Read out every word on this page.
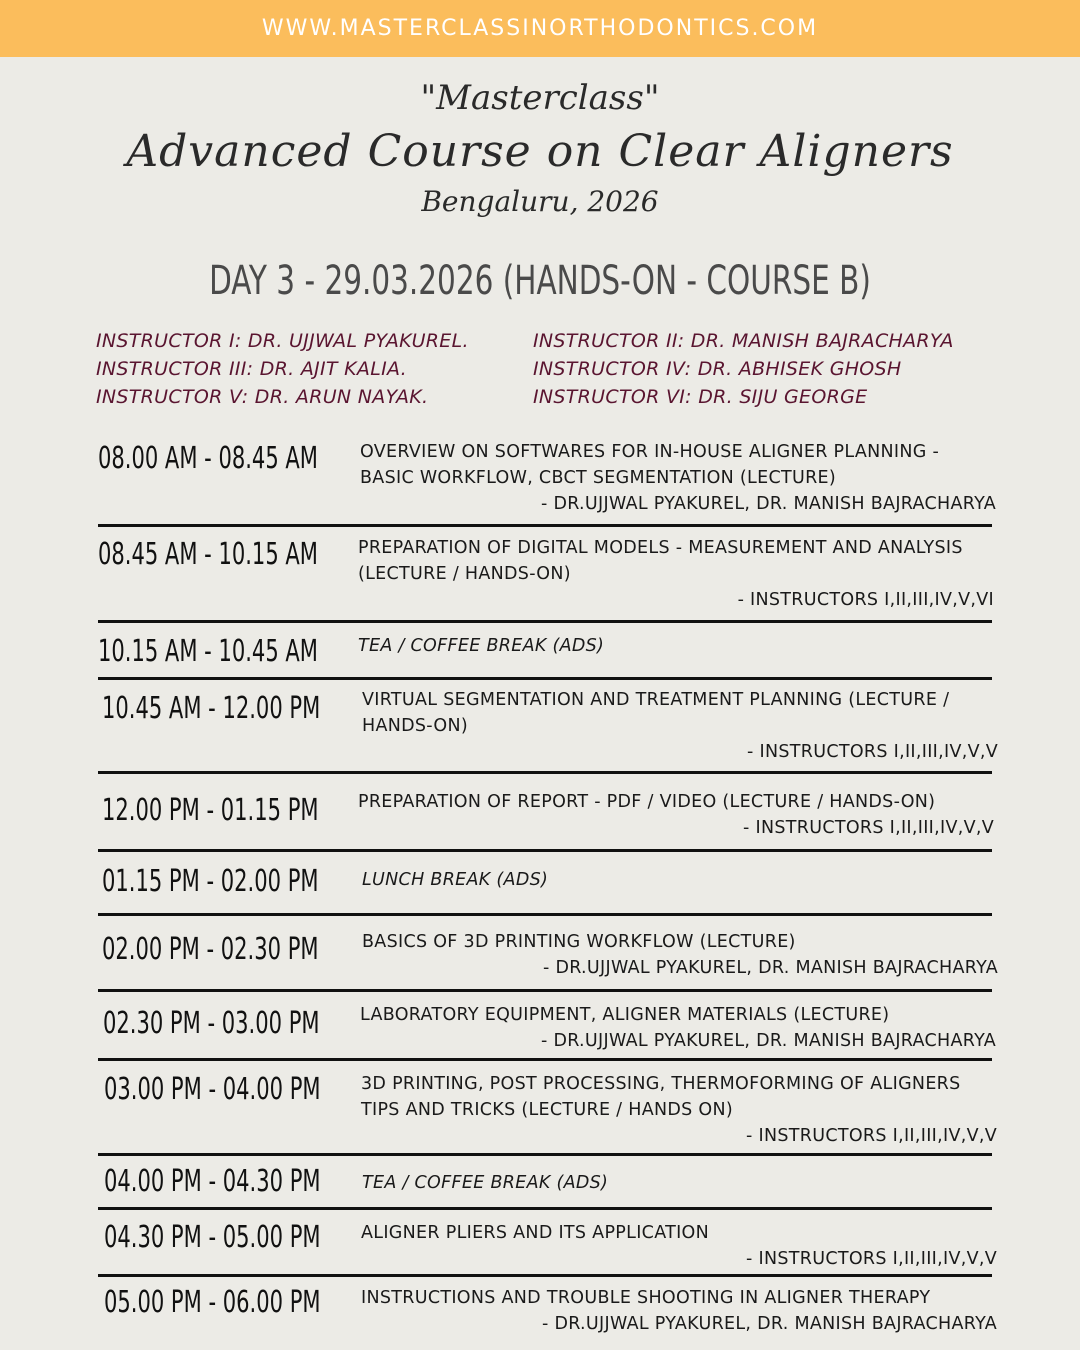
WWW.MASTERCLASSINORTHODONTICS.COM
"Masterclass"
Advanced Course on Clear Aligners
Bengaluru, 2026
DAY 3 - 29.03.2026 (HANDS-ON - COURSE B)
INSTRUCTOR I: DR. UJJWAL PYAKUREL.	INSTRUCTOR II: DR. MANISH BAJRACHARYA
INSTRUCTOR III: DR. AJIT KALIA.	INSTRUCTOR IV: DR. ABHISEK GHOSH
INSTRUCTOR V: DR. ARUN NAYAK.	INSTRUCTOR VI: DR. SIJU GEORGE
08.00 AM - 08.45 AM OVERVIEW ON SOFTWARES FOR IN-HOUSE ALIGNER PLANNING -
BASIC WORKFLOW, CBCT SEGMENTATION (LECTURE)
- DR.UJJWAL PYAKUREL, DR. MANISH BAJRACHARYA
08.45 AM - 10.15 AM PREPARATION OF DIGITAL MODELS - MEASUREMENT AND ANALYSIS
(LECTURE / HANDS-ON)
- INSTRUCTORS I,II,III,IV,V,VI
10.15 AM - 10.45 AM TEA / COFFEE BREAK (ADS)
10.45 AM - 12.00 PM VIRTUAL SEGMENTATION AND TREATMENT PLANNING (LECTURE /
HANDS-ON)
- INSTRUCTORS I,II,III,IV,V,V
12.00 PM - 01.15 PM PREPARATION OF REPORT - PDF / VIDEO (LECTURE / HANDS-ON)
- INSTRUCTORS I,II,III,IV,V,V
01.15 PM - 02.00 PM LUNCH BREAK (ADS)
02.00 PM - 02.30 PM BASICS OF 3D PRINTING WORKFLOW (LECTURE)
- DR.UJJWAL PYAKUREL, DR. MANISH BAJRACHARYA
02.30 PM - 03.00 PM LABORATORY EQUIPMENT, ALIGNER MATERIALS (LECTURE)
- DR.UJJWAL PYAKUREL, DR. MANISH BAJRACHARYA
03.00 PM - 04.00 PM 3D PRINTING, POST PROCESSING, THERMOFORMING OF ALIGNERS
TIPS AND TRICKS (LECTURE / HANDS ON)
- INSTRUCTORS I,II,III,IV,V,V
04.00 PM - 04.30 PM TEA / COFFEE BREAK (ADS)
04.30 PM - 05.00 PM ALIGNER PLIERS AND ITS APPLICATION
- INSTRUCTORS I,II,III,IV,V,V
05.00 PM - 06.00 PM INSTRUCTIONS AND TROUBLE SHOOTING IN ALIGNER THERAPY
- DR.UJJWAL PYAKUREL, DR. MANISH BAJRACHARYA
